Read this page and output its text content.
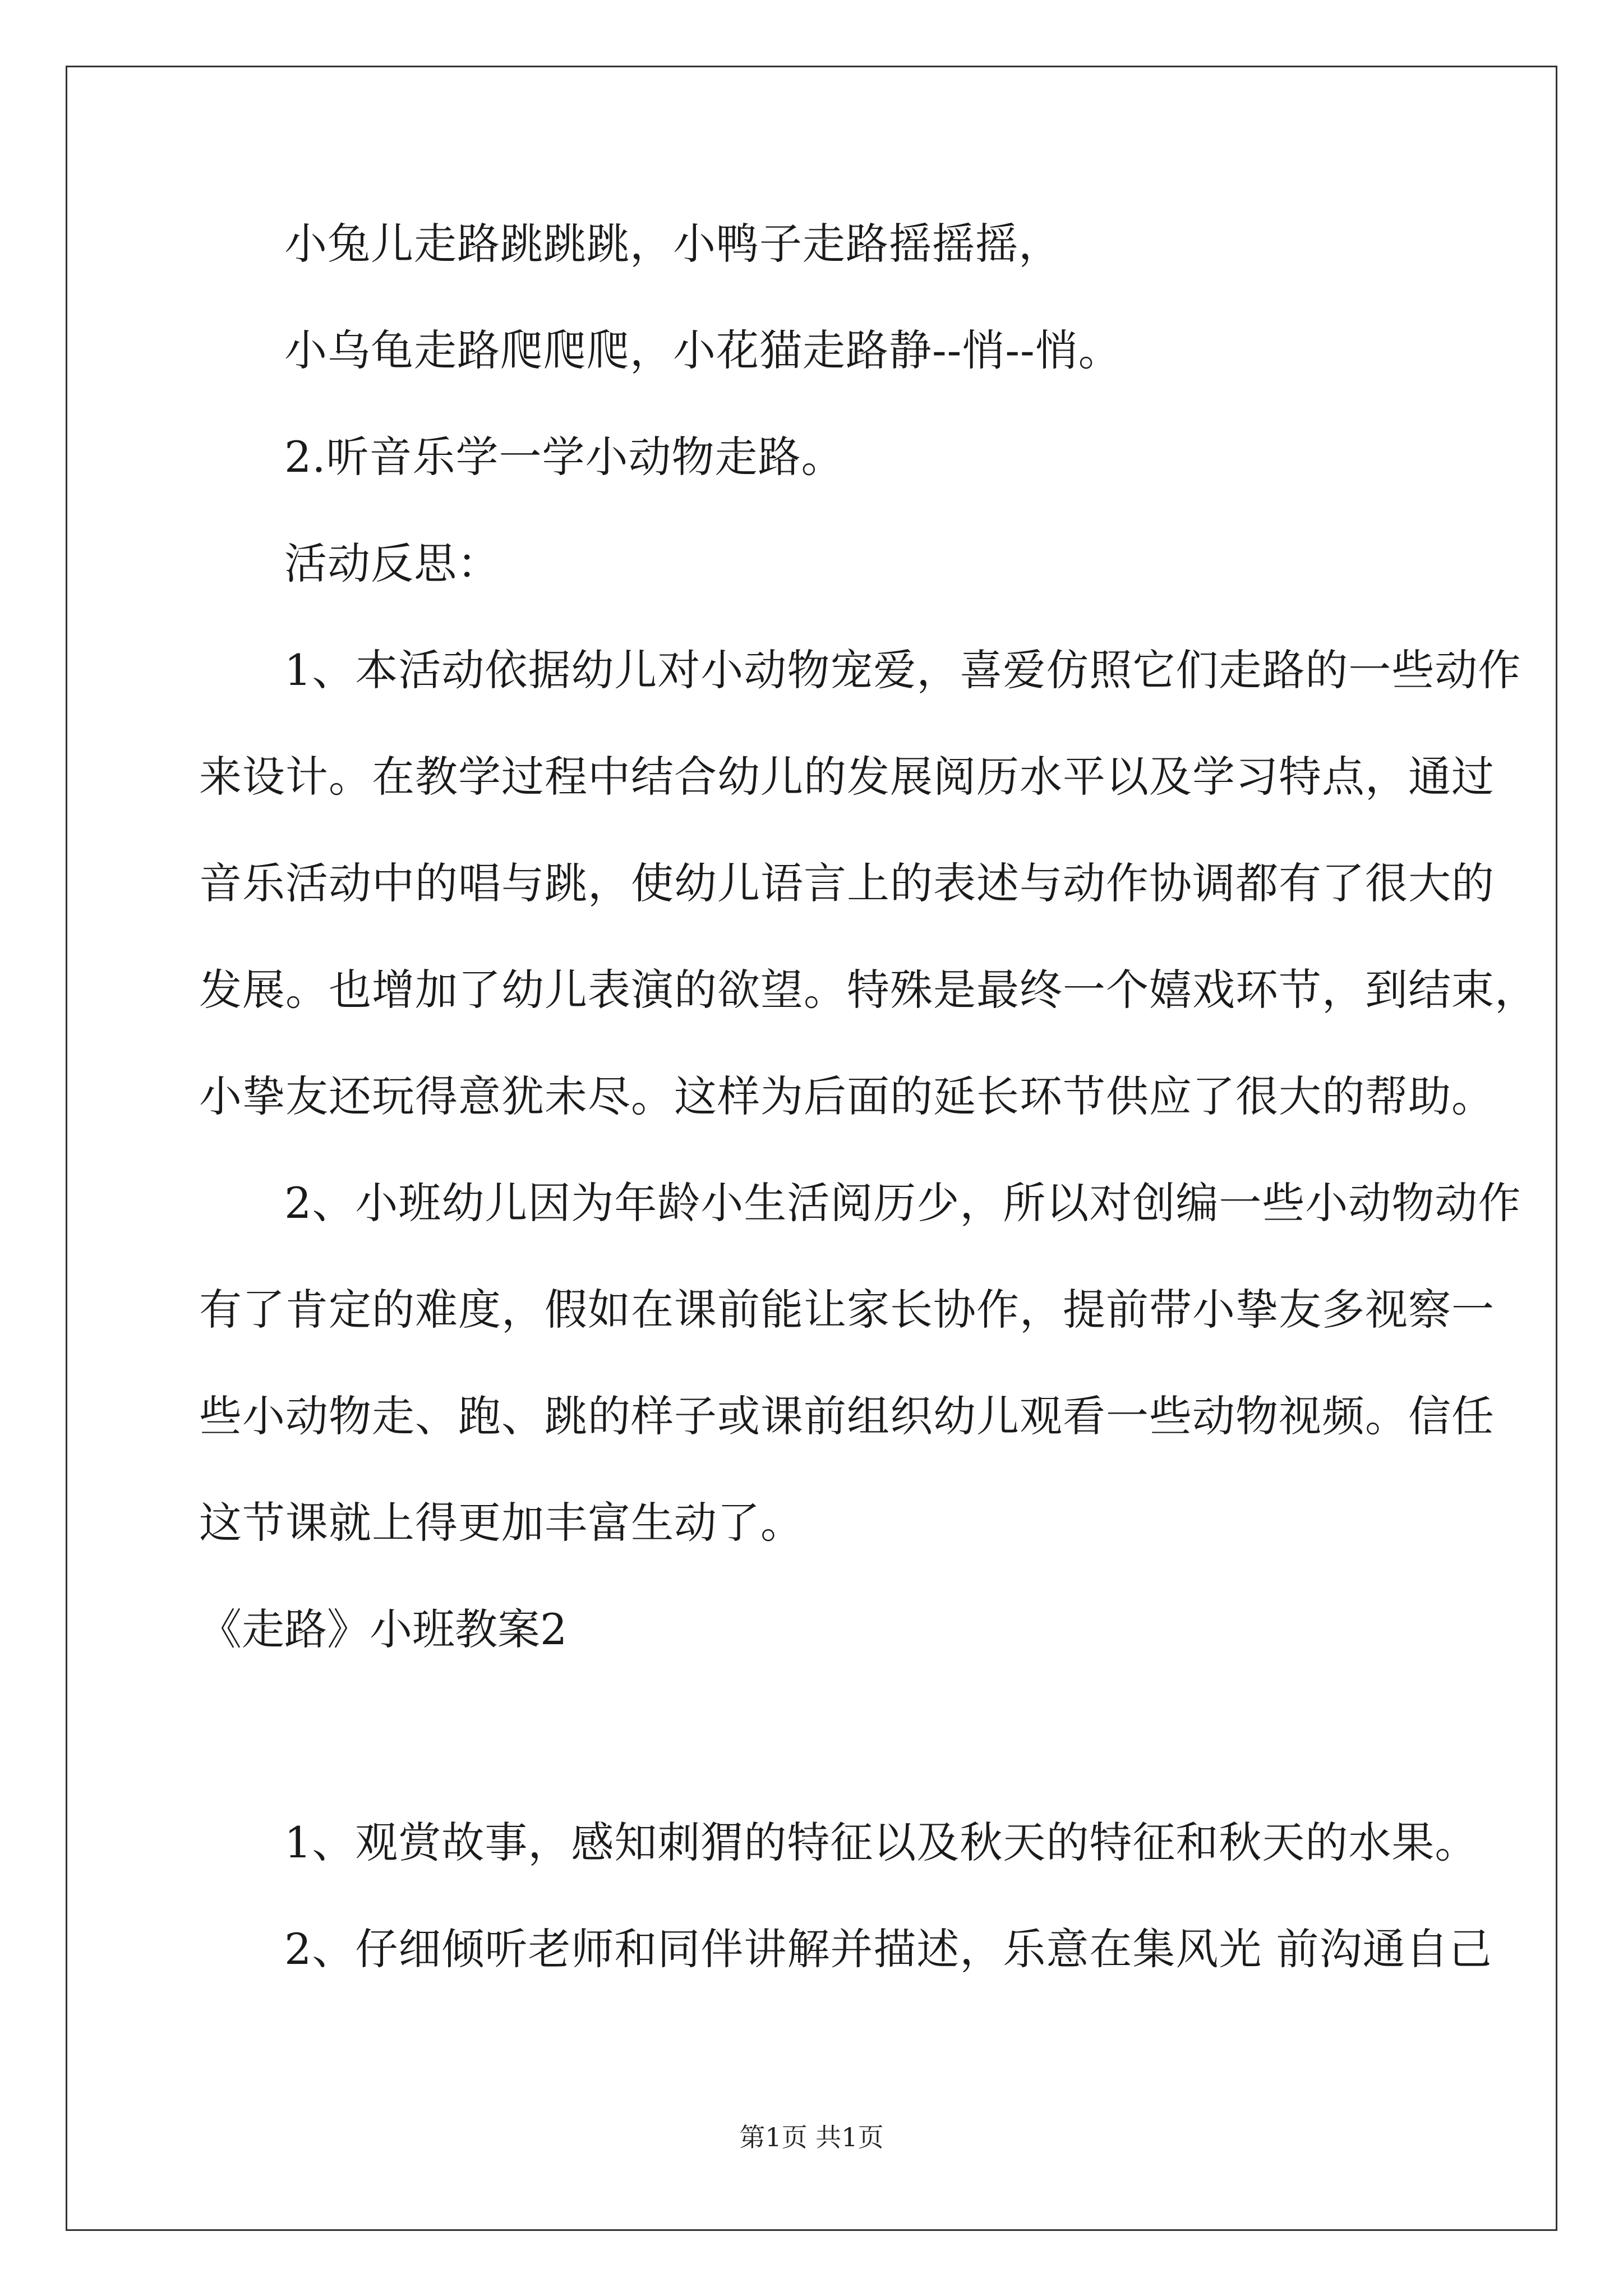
小兔儿走路跳跳跳，小鸭子走路摇摇摇，

小乌龟走路爬爬爬，小花猫走路静--悄--悄。

2.听音乐学一学小动物走路。

活动反思：

1、本活动依据幼儿对小动物宠爱，喜爱仿照它们走路的一些动作

来设计。在教学过程中结合幼儿的发展阅历水平以及学习特点，通过

音乐活动中的唱与跳，使幼儿语言上的表述与动作协调都有了很大的

发展。也增加了幼儿表演的欲望。特殊是最终一个嬉戏环节，到结束，

小挚友还玩得意犹未尽。这样为后面的延长环节供应了很大的帮助。

2、小班幼儿因为年龄小生活阅历少，所以对创编一些小动物动作

有了肯定的难度，假如在课前能让家长协作，提前带小挚友多视察一

些小动物走、跑、跳的样子或课前组织幼儿观看一些动物视频。信任

这节课就上得更加丰富生动了。

《走路》小班教案2

1、观赏故事，感知刺猬的特征以及秋天的特征和秋天的水果。

2、仔细倾听老师和同伴讲解并描述，乐意在集风光 前沟通自己

第1页 共1页
